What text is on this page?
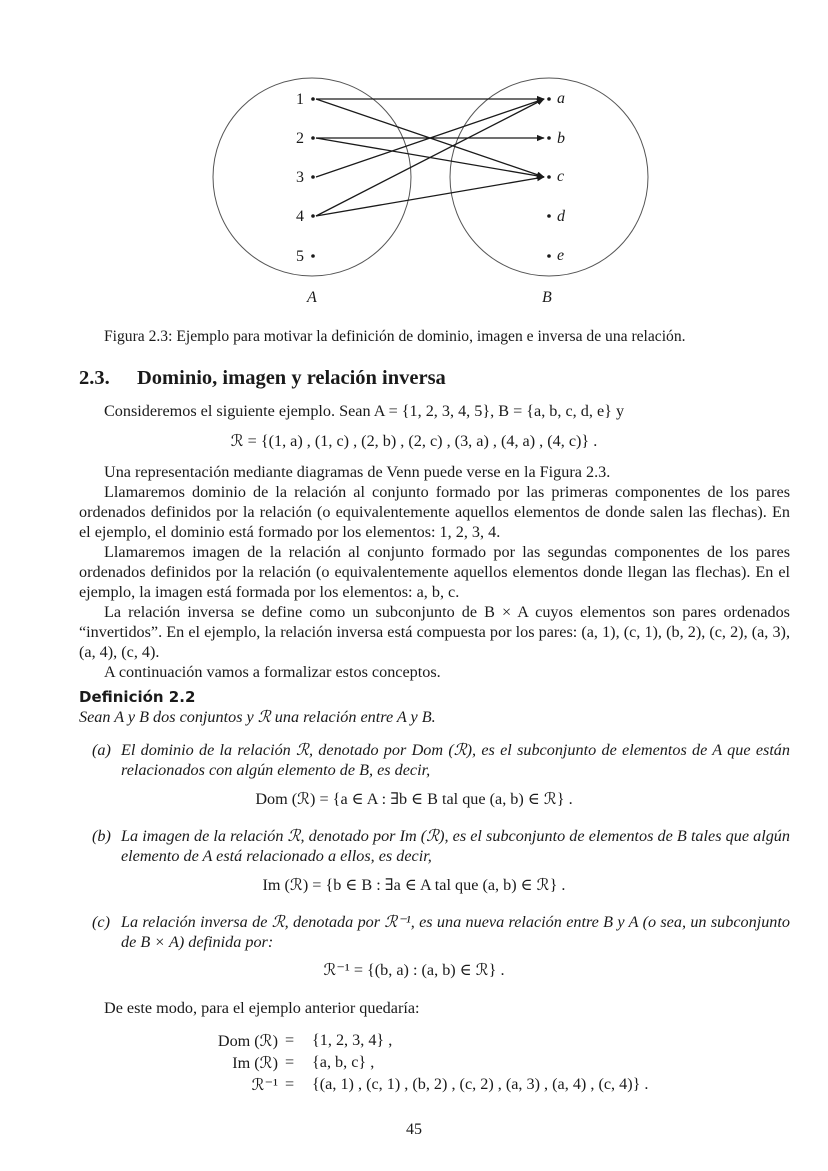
1
2
3
4
5
a
b
c
d
e
A	B
Figura 2.3: Ejemplo para motivar la definición de dominio, imagen e inversa de una relación.
2.3. Dominio, imagen y relación inversa
Consideremos el siguiente ejemplo. Sean A = {1, 2, 3, 4, 5}, B = {a, b, c, d, e} y
ℛ = {(1, a) , (1, c) , (2, b) , (2, c) , (3, a) , (4, a) , (4, c)} .
Una representación mediante diagramas de Venn puede verse en la Figura 2.3.
Llamaremos dominio de la relación al conjunto formado por las primeras componentes de los pares ordenados definidos por la relación (o equivalentemente aquellos elementos de donde salen las flechas). En el ejemplo, el dominio está formado por los elementos: 1, 2, 3, 4.
Llamaremos imagen de la relación al conjunto formado por las segundas componentes de los pares ordenados definidos por la relación (o equivalentemente aquellos elementos donde llegan las flechas). En el ejemplo, la imagen está formada por los elementos: a, b, c.
La relación inversa se define como un subconjunto de B × A cuyos elementos son pares ordenados “invertidos”. En el ejemplo, la relación inversa está compuesta por los pares: (a, 1), (c, 1), (b, 2), (c, 2), (a, 3), (a, 4), (c, 4).
A continuación vamos a formalizar estos conceptos.
Definición 2.2
Sean A y B dos conjuntos y ℛ una relación entre A y B.
(a) El dominio de la relación ℛ, denotado por Dom (ℛ), es el subconjunto de elementos de A que están relacionados con algún elemento de B, es decir,
Dom (ℛ) = {a ∈ A : ∃b ∈ B tal que (a, b) ∈ ℛ} .
(b) La imagen de la relación ℛ, denotado por Im (ℛ), es el subconjunto de elementos de B tales que algún elemento de A está relacionado a ellos, es decir,
Im (ℛ) = {b ∈ B : ∃a ∈ A tal que (a, b) ∈ ℛ} .
(c) La relación inversa de ℛ, denotada por ℛ⁻¹, es una nueva relación entre B y A (o sea, un subconjunto de B × A) definida por:
ℛ⁻¹ = {(b, a) : (a, b) ∈ ℛ} .
De este modo, para el ejemplo anterior quedaría:
Dom (ℛ) = {1, 2, 3, 4} ,
Im (ℛ) = {a, b, c} ,
ℛ⁻¹ = {(a, 1) , (c, 1) , (b, 2) , (c, 2) , (a, 3) , (a, 4) , (c, 4)} .
45
